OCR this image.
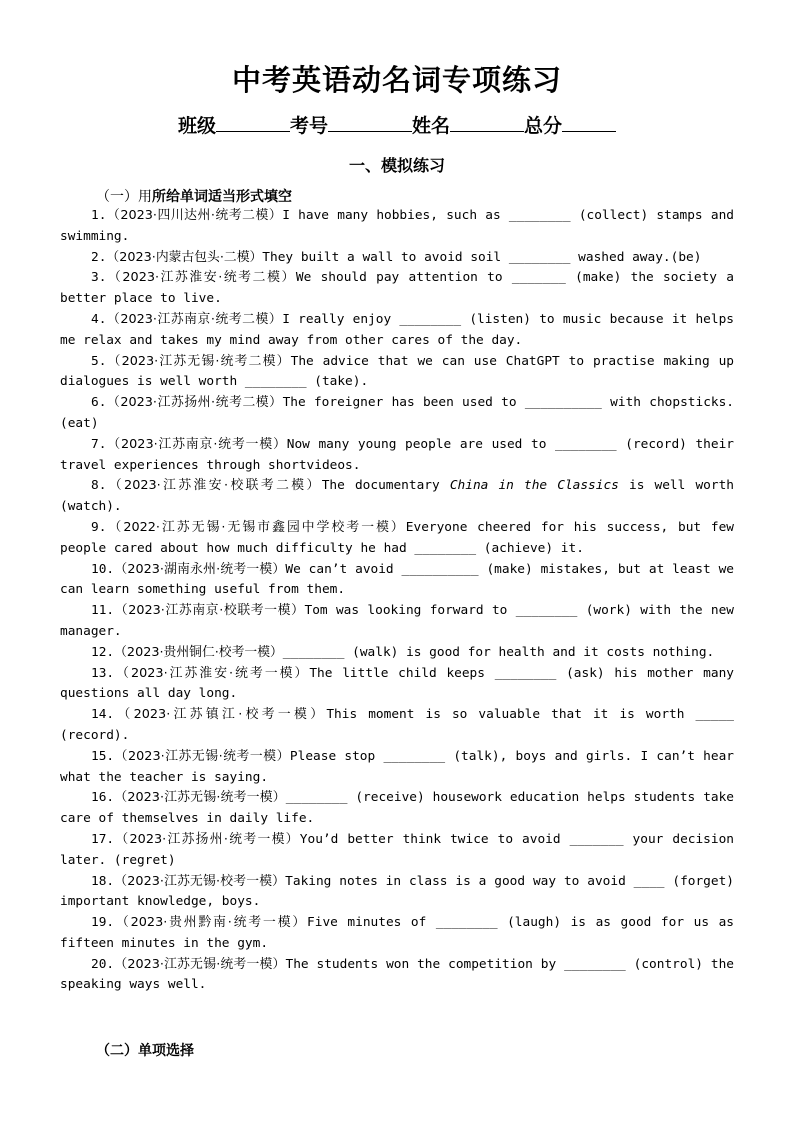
中考英语动名词专项练习
班级	考号	姓名	总分
一、模拟练习
（一）用所给单词适当形式填空

1.（2023·四川达州·统考二模）I have many hobbies, such as ________ (collect) stamps and swimming.

2.（2023·内蒙古包头·二模）They built a wall to avoid soil ________ washed away.(be)

3.（2023·江苏淮安·统考二模）We should pay attention to _______ (make) the society a better place to live.

4.（2023·江苏南京·统考二模）I really enjoy ________ (listen) to music because it helps me relax and takes my mind away from other cares of the day.

5.（2023·江苏无锡·统考二模）The advice that we can use ChatGPT to practise making up dialogues is well worth ________ (take).

6.（2023·江苏扬州·统考二模）The foreigner has been used to __________ with chopsticks. (eat)

7.（2023·江苏南京·统考一模）Now many young people are used to ________ (record) their travel experiences through shortvideos.

8.（2023·江苏淮安·校联考二模）The documentary China in the Classics is well worth (watch).

9.（2022·江苏无锡·无锡市鑫园中学校考一模）Everyone cheered for his success, but few people cared about how much difficulty he had ________ (achieve) it.

10.（2023·湖南永州·统考一模）We can’t avoid __________ (make) mistakes, but at least we can learn something useful from them.

11.（2023·江苏南京·校联考一模）Tom was looking forward to ________ (work) with the new manager.

12.（2023·贵州铜仁·校考一模）________ (walk) is good for health and it costs nothing.

13.（2023·江苏淮安·统考一模）The little child keeps ________ (ask) his mother many questions all day long.

14.（2023·江苏镇江·校考一模）This moment is so valuable that it is worth _____ (record).

15.（2023·江苏无锡·统考一模）Please stop ________ (talk), boys and girls. I can’t hear what the teacher is saying.

16.（2023·江苏无锡·统考一模）________ (receive) housework education helps students take care of themselves in daily life.

17.（2023·江苏扬州·统考一模）You’d better think twice to avoid _______ your decision later. (regret)

18.（2023·江苏无锡·校考一模）Taking notes in class is a good way to avoid ____ (forget) important knowledge, boys.

19.（2023·贵州黔南·统考一模）Five minutes of ________ (laugh) is as good for us as fifteen minutes in the gym.

20.（2023·江苏无锡·统考一模）The students won the competition by ________ (control) the speaking ways well.

（二）单项选择
